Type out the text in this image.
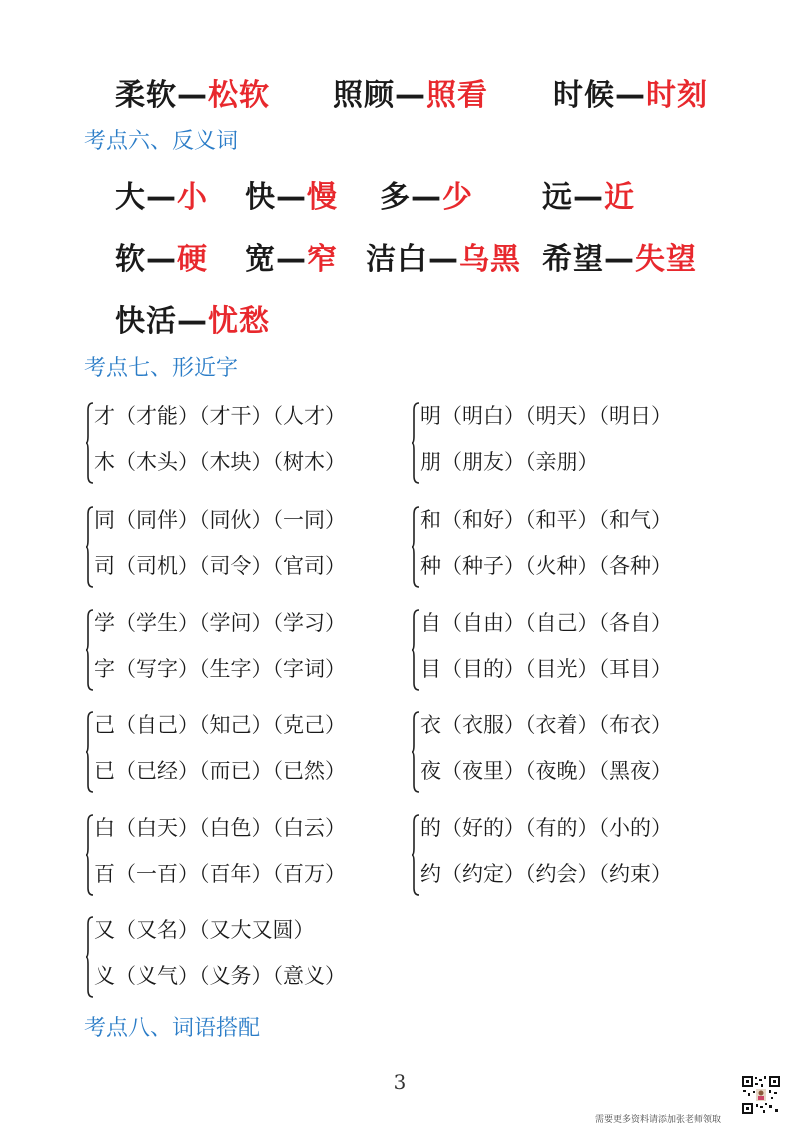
柔软—松软 照顾—照看 时候—时刻
考点六、反义词
大—小 快—慢 多—少 远—近
软—硬 宽—窄 洁白—乌黑 希望—失望
快活—忧愁
考点七、形近字
才（才能）（才干）（人才）
木（木头）（木块）（树木）
明（明白）（明天）（明日）
朋（朋友）（亲朋）
同（同伴）（同伙）（一同）
司（司机）（司令）（官司）
和（和好）（和平）（和气）
种（种子）（火种）（各种）
学（学生）（学问）（学习）
字（写字）（生字）（字词）
自（自由）（自己）（各自）
目（目的）（目光）（耳目）
己（自己）（知己）（克己）
已（已经）（而已）（已然）
衣（衣服）（衣着）（布衣）
夜（夜里）（夜晚）（黑夜）
白（白天）（白色）（白云）
百（一百）（百年）（百万）
的（好的）（有的）（小的）
约（约定）（约会）（约束）
又（又名）（又大又圆）
义（义气）（义务）（意义）
考点八、词语搭配
3
需要更多资料请添加张老师领取
